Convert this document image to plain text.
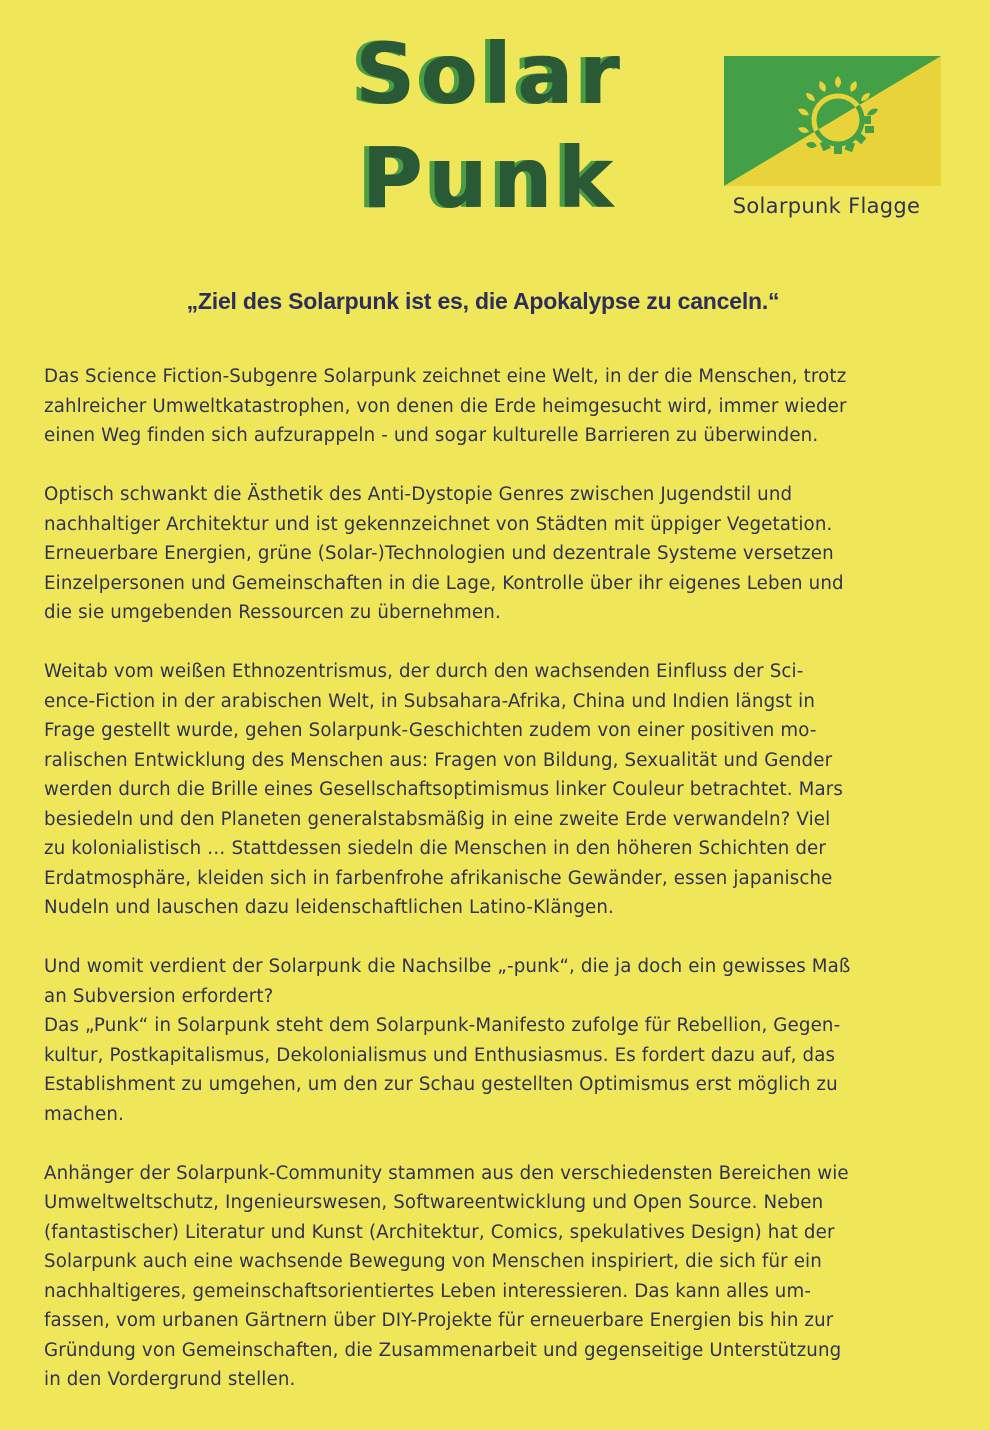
Solar
Punk	Solarpunk Flagge
„Ziel des Solarpunk ist es, die Apokalypse zu canceln.“

Das Science Fiction-Subgenre Solarpunk zeichnet eine Welt, in der die Menschen, trotz
zahlreicher Umweltkatastrophen, von denen die Erde heimgesucht wird, immer wieder
einen Weg finden sich aufzurappeln - und sogar kulturelle Barrieren zu überwinden.

Optisch schwankt die Ästhetik des Anti-Dystopie Genres zwischen Jugendstil und
nachhaltiger Architektur und ist gekennzeichnet von Städten mit üppiger Vegetation.
Erneuerbare Energien, grüne (Solar-)Technologien und dezentrale Systeme versetzen
Einzelpersonen und Gemeinschaften in die Lage, Kontrolle über ihr eigenes Leben und
die sie umgebenden Ressourcen zu übernehmen.

Weitab vom weißen Ethnozentrismus, der durch den wachsenden Einfluss der Sci-
ence-Fiction in der arabischen Welt, in Subsahara-Afrika, China und Indien längst in
Frage gestellt wurde, gehen Solarpunk-Geschichten zudem von einer positiven mo-
ralischen Entwicklung des Menschen aus: Fragen von Bildung, Sexualität und Gender
werden durch die Brille eines Gesellschaftsoptimismus linker Couleur betrachtet. Mars
besiedeln und den Planeten generalstabsmäßig in eine zweite Erde verwandeln? Viel
zu kolonialistisch … Stattdessen siedeln die Menschen in den höheren Schichten der
Erdatmosphäre, kleiden sich in farbenfrohe afrikanische Gewänder, essen japanische
Nudeln und lauschen dazu leidenschaftlichen Latino-Klängen.

Und womit verdient der Solarpunk die Nachsilbe „-punk“, die ja doch ein gewisses Maß
an Subversion erfordert?
Das „Punk“ in Solarpunk steht dem Solarpunk-Manifesto zufolge für Rebellion, Gegen-
kultur, Postkapitalismus, Dekolonialismus und Enthusiasmus. Es fordert dazu auf, das
Establishment zu umgehen, um den zur Schau gestellten Optimismus erst möglich zu
machen.

Anhänger der Solarpunk-Community stammen aus den verschiedensten Bereichen wie
Umweltweltschutz, Ingenieurswesen, Softwareentwicklung und Open Source. Neben
(fantastischer) Literatur und Kunst (Architektur, Comics, spekulatives Design) hat der
Solarpunk auch eine wachsende Bewegung von Menschen inspiriert, die sich für ein
nachhaltigeres, gemeinschaftsorientiertes Leben interessieren. Das kann alles um-
fassen, vom urbanen Gärtnern über DIY-Projekte für erneuerbare Energien bis hin zur
Gründung von Gemeinschaften, die Zusammenarbeit und gegenseitige Unterstützung
in den Vordergrund stellen.
